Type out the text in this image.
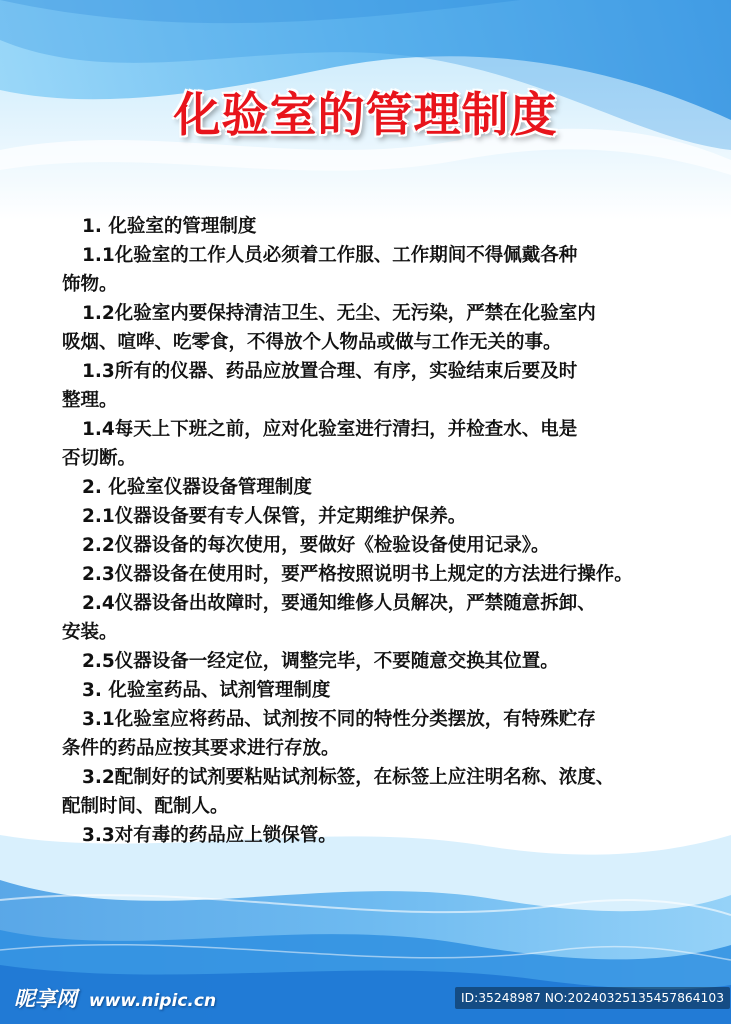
化验室的管理制度
1. 化验室的管理制度
1.1化验室的工作人员必须着工作服、工作期间不得佩戴各种
饰物。
1.2化验室内要保持清洁卫生、无尘、无污染，严禁在化验室内
吸烟、喧哗、吃零食，不得放个人物品或做与工作无关的事。
1.3所有的仪器、药品应放置合理、有序，实验结束后要及时
整理。
1.4每天上下班之前，应对化验室进行清扫，并检查水、电是
否切断。
2. 化验室仪器设备管理制度
2.1仪器设备要有专人保管，并定期维护保养。
2.2仪器设备的每次使用，要做好《检验设备使用记录》。
2.3仪器设备在使用时，要严格按照说明书上规定的方法进行操作。
2.4仪器设备出故障时，要通知维修人员解决，严禁随意拆卸、
安装。
2.5仪器设备一经定位，调整完毕，不要随意交换其位置。
3. 化验室药品、试剂管理制度
3.1化验室应将药品、试剂按不同的特性分类摆放，有特殊贮存
条件的药品应按其要求进行存放。
3.2配制好的试剂要粘贴试剂标签，在标签上应注明名称、浓度、
配制时间、配制人。
3.3对有毒的药品应上锁保管。
昵享网 www.nipic.cn	ID:35248987 NO:20240325135457864103
